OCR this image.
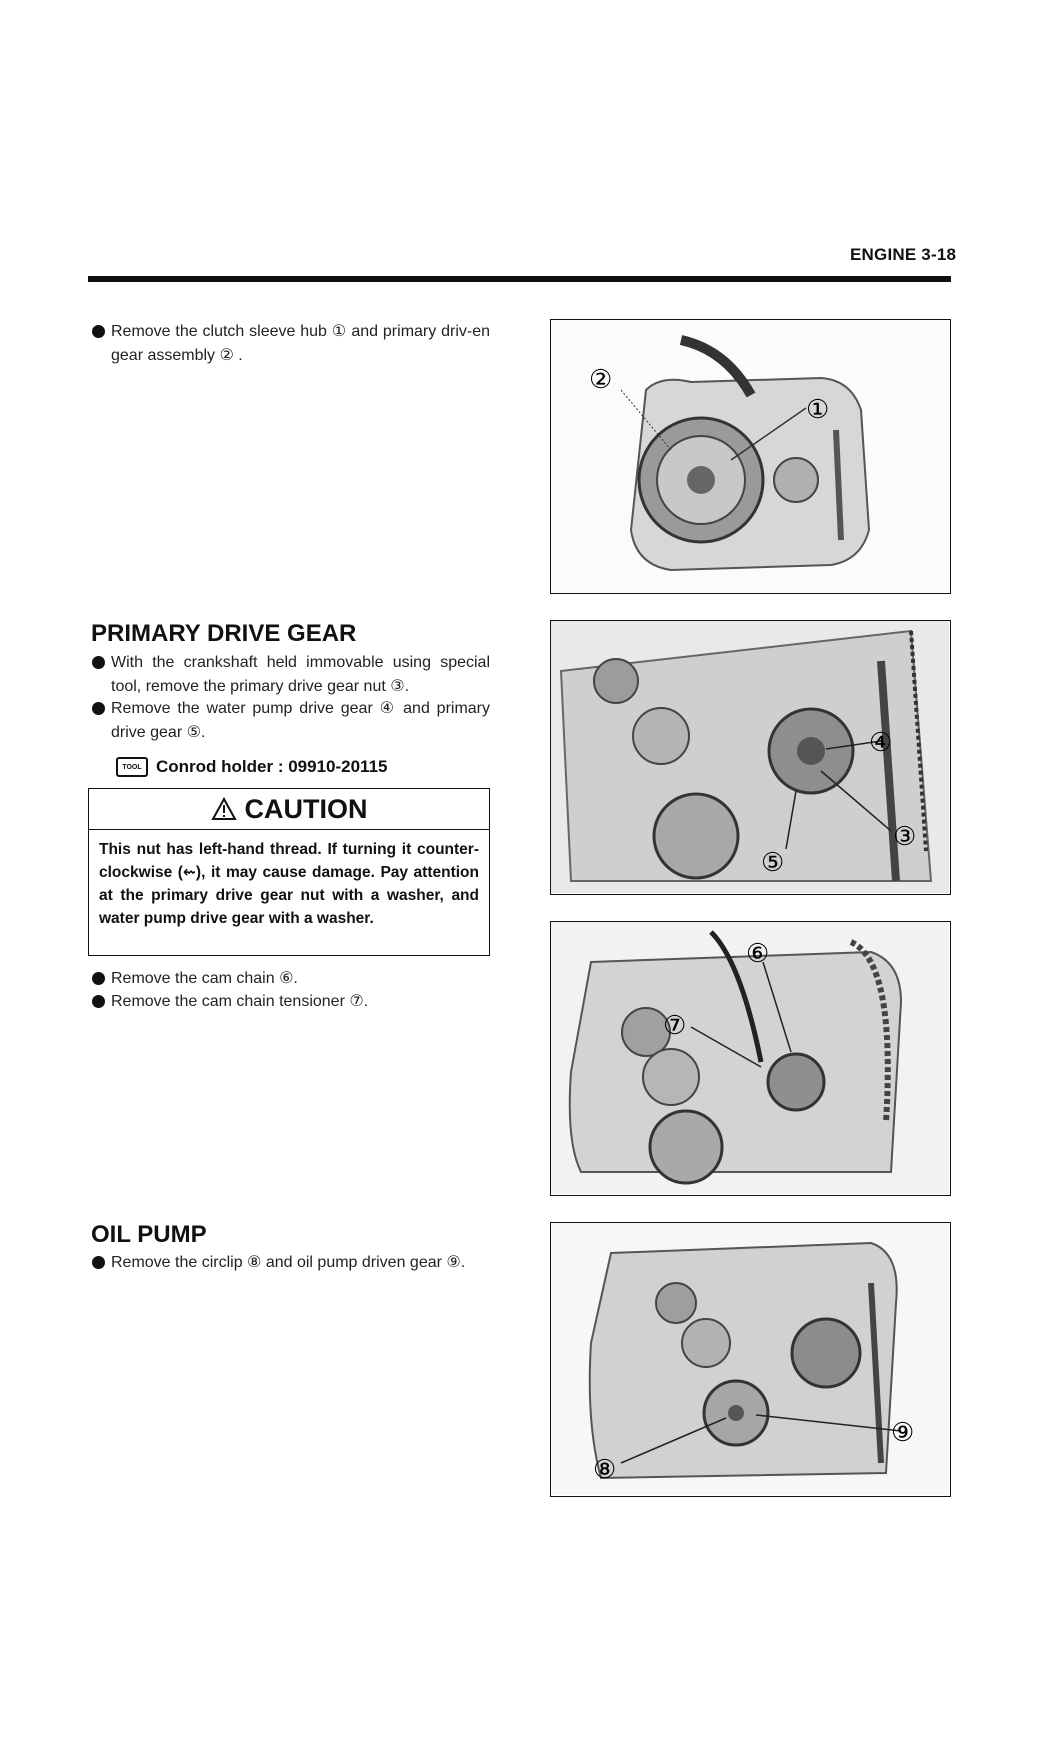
ENGINE 3-18
Remove the clutch sleeve hub ① and primary driv-en gear assembly ② .
PRIMARY DRIVE GEAR
With the crankshaft held immovable using special tool, remove the primary drive gear nut ③.
Remove the water pump drive gear ④ and primary drive gear ⑤.
TOOL Conrod holder : 09910-20115
CAUTION
This nut has left-hand thread. If turning it counter-clockwise (⇜), it may cause damage. Pay attention at the primary drive gear nut with a washer, and water pump drive gear with a washer.
Remove the cam chain ⑥.
Remove the cam chain tensioner ⑦.
OIL PUMP
Remove the circlip ⑧ and oil pump driven gear ⑨.
②
①
④
③
⑤
⑥
⑦
⑨
⑧
